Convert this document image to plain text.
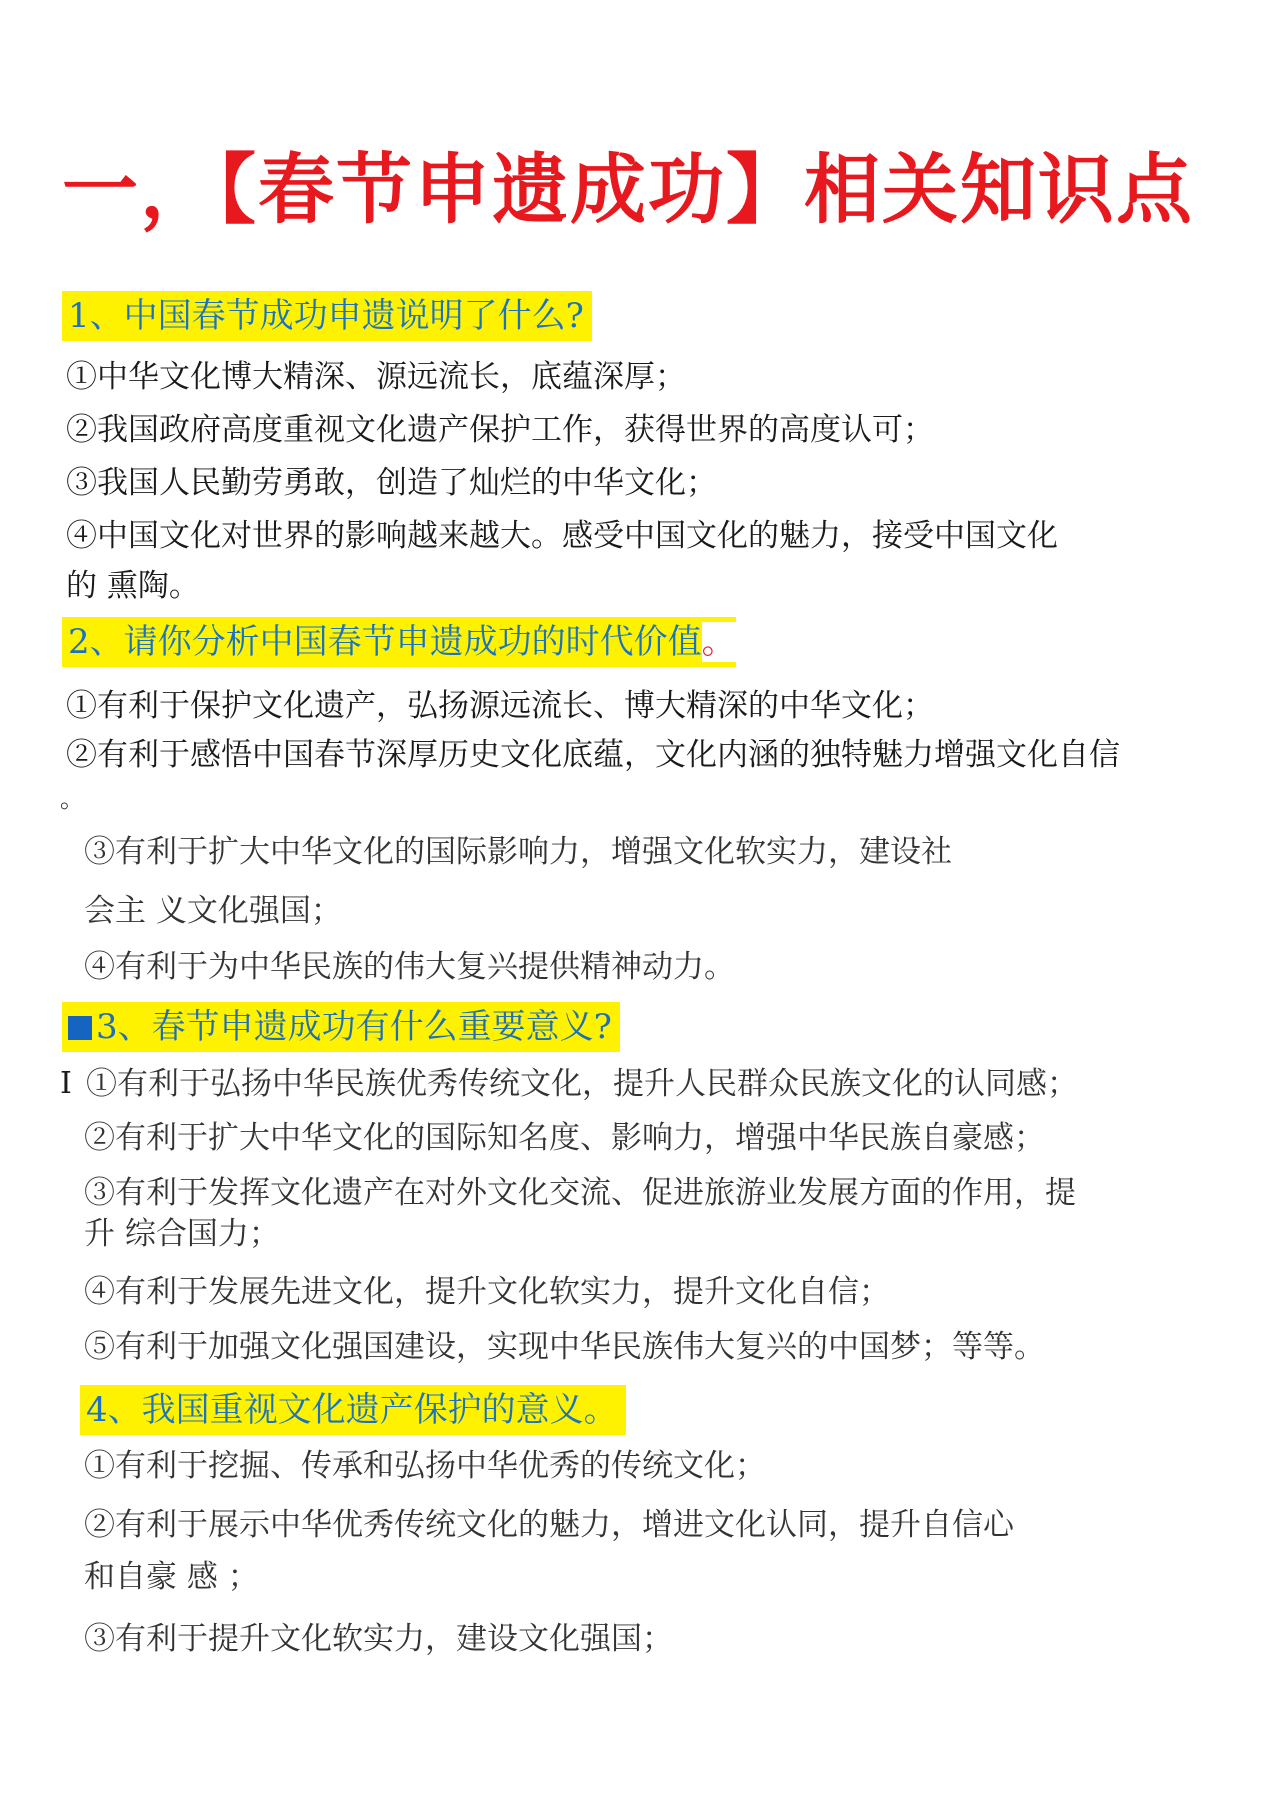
一，【春节申遗成功】相关知识点
1、中国春节成功申遗说明了什么?
①中华文化博大精深、源远流长，底蕴深厚；
②我国政府高度重视文化遗产保护工作，获得世界的高度认可；
③我国人民勤劳勇敢，创造了灿烂的中华文化；
④中国文化对世界的影响越来越大。感受中国文化的魅力，接受中国文化
的 熏陶。
2、请你分析中国春节申遗成功的时代价值。
①有利于保护文化遗产，弘扬源远流长、博大精深的中华文化；
②有利于感悟中国春节深厚历史文化底蕴，文化内涵的独特魅力增强文化自信
。
③有利于扩大中华文化的国际影响力，增强文化软实力，建设社
会主 义文化强国；
④有利于为中华民族的伟大复兴提供精神动力。
3、春节申遗成功有什么重要意义?
I ①有利于弘扬中华民族优秀传统文化，提升人民群众民族文化的认同感；
②有利于扩大中华文化的国际知名度、影响力，增强中华民族自豪感；
③有利于发挥文化遗产在对外文化交流、促进旅游业发展方面的作用，提
升 综合国力；
④有利于发展先进文化，提升文化软实力，提升文化自信；
⑤有利于加强文化强国建设，实现中华民族伟大复兴的中国梦；等等。
4、我国重视文化遗产保护的意义。
①有利于挖掘、传承和弘扬中华优秀的传统文化；
②有利于展示中华优秀传统文化的魅力，增进文化认同，提升自信心
和自豪 感 ；
③有利于提升文化软实力，建设文化强国；
